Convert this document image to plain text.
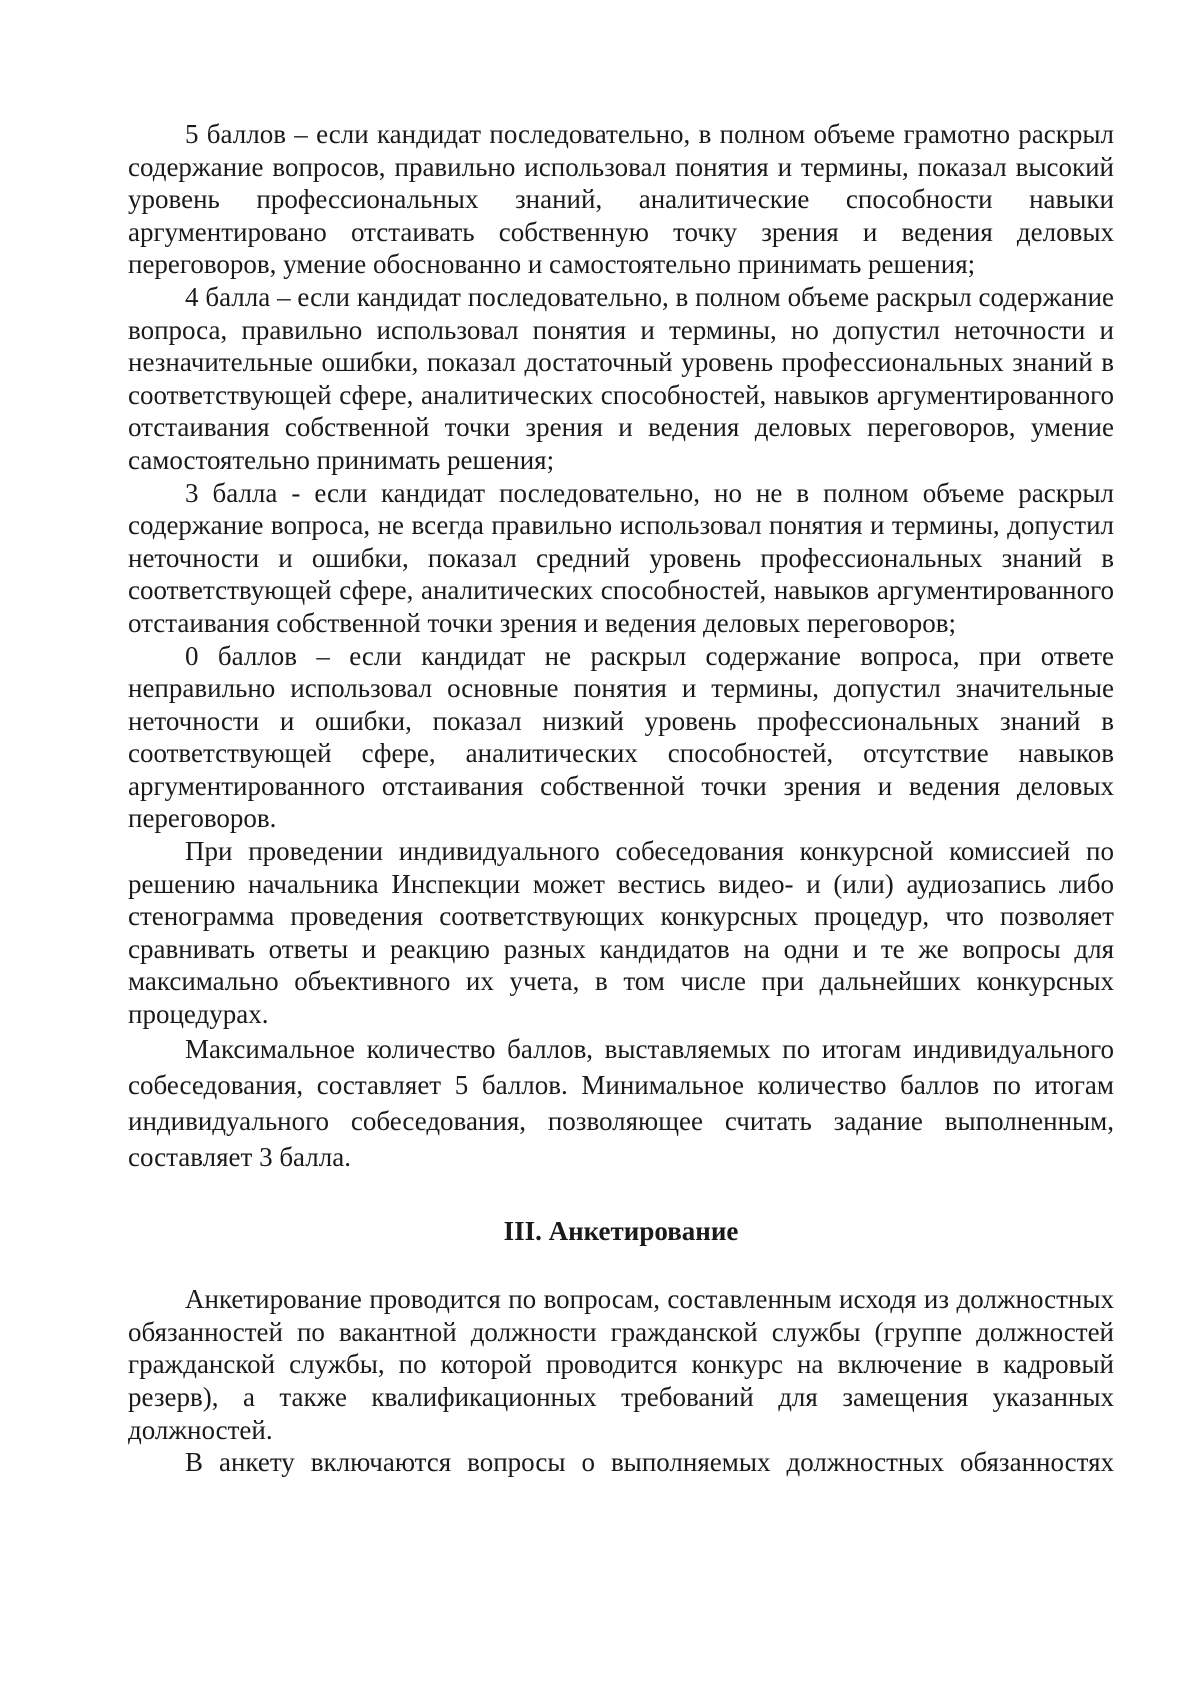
5 баллов – если кандидат последовательно, в полном объеме грамотно раскрыл содержание вопросов, правильно использовал понятия и термины, показал высокий уровень профессиональных знаний, аналитические способности навыки аргументировано отстаивать собственную точку зрения и ведения деловых переговоров, умение обоснованно и самостоятельно принимать решения;

4 балла – если кандидат последовательно, в полном объеме раскрыл содержание вопроса, правильно использовал понятия и термины, но допустил неточности и незначительные ошибки, показал достаточный уровень профессиональных знаний в соответствующей сфере, аналитических способностей, навыков аргументированного отстаивания собственной точки зрения и ведения деловых переговоров, умение самостоятельно принимать решения;

3 балла - если кандидат последовательно, но не в полном объеме раскрыл содержание вопроса, не всегда правильно использовал понятия и термины, допустил неточности и ошибки, показал средний уровень профессиональных знаний в соответствующей сфере, аналитических способностей, навыков аргументированного отстаивания собственной точки зрения и ведения деловых переговоров;

0 баллов – если кандидат не раскрыл содержание вопроса, при ответе неправильно использовал основные понятия и термины, допустил значительные неточности и ошибки, показал низкий уровень профессиональных знаний в соответствующей сфере, аналитических способностей, отсутствие навыков аргументированного отстаивания собственной точки зрения и ведения деловых переговоров.

При проведении индивидуального собеседования конкурсной комиссией по решению начальника Инспекции может вестись видео- и (или) аудиозапись либо стенограмма проведения соответствующих конкурсных процедур, что позволяет сравнивать ответы и реакцию разных кандидатов на одни и те же вопросы для максимально объективного их учета, в том числе при дальнейших конкурсных процедурах.

Максимальное количество баллов, выставляемых по итогам индивидуального собеседования, составляет 5 баллов. Минимальное количество баллов по итогам индивидуального собеседования, позволяющее считать задание выполненным, составляет 3 балла.

III. Анкетирование

Анкетирование проводится по вопросам, составленным исходя из должностных обязанностей по вакантной должности гражданской службы (группе должностей гражданской службы, по которой проводится конкурс на включение в кадровый резерв), а также квалификационных требований для замещения указанных должностей.

В анкету включаются вопросы о выполняемых должностных обязанностях
